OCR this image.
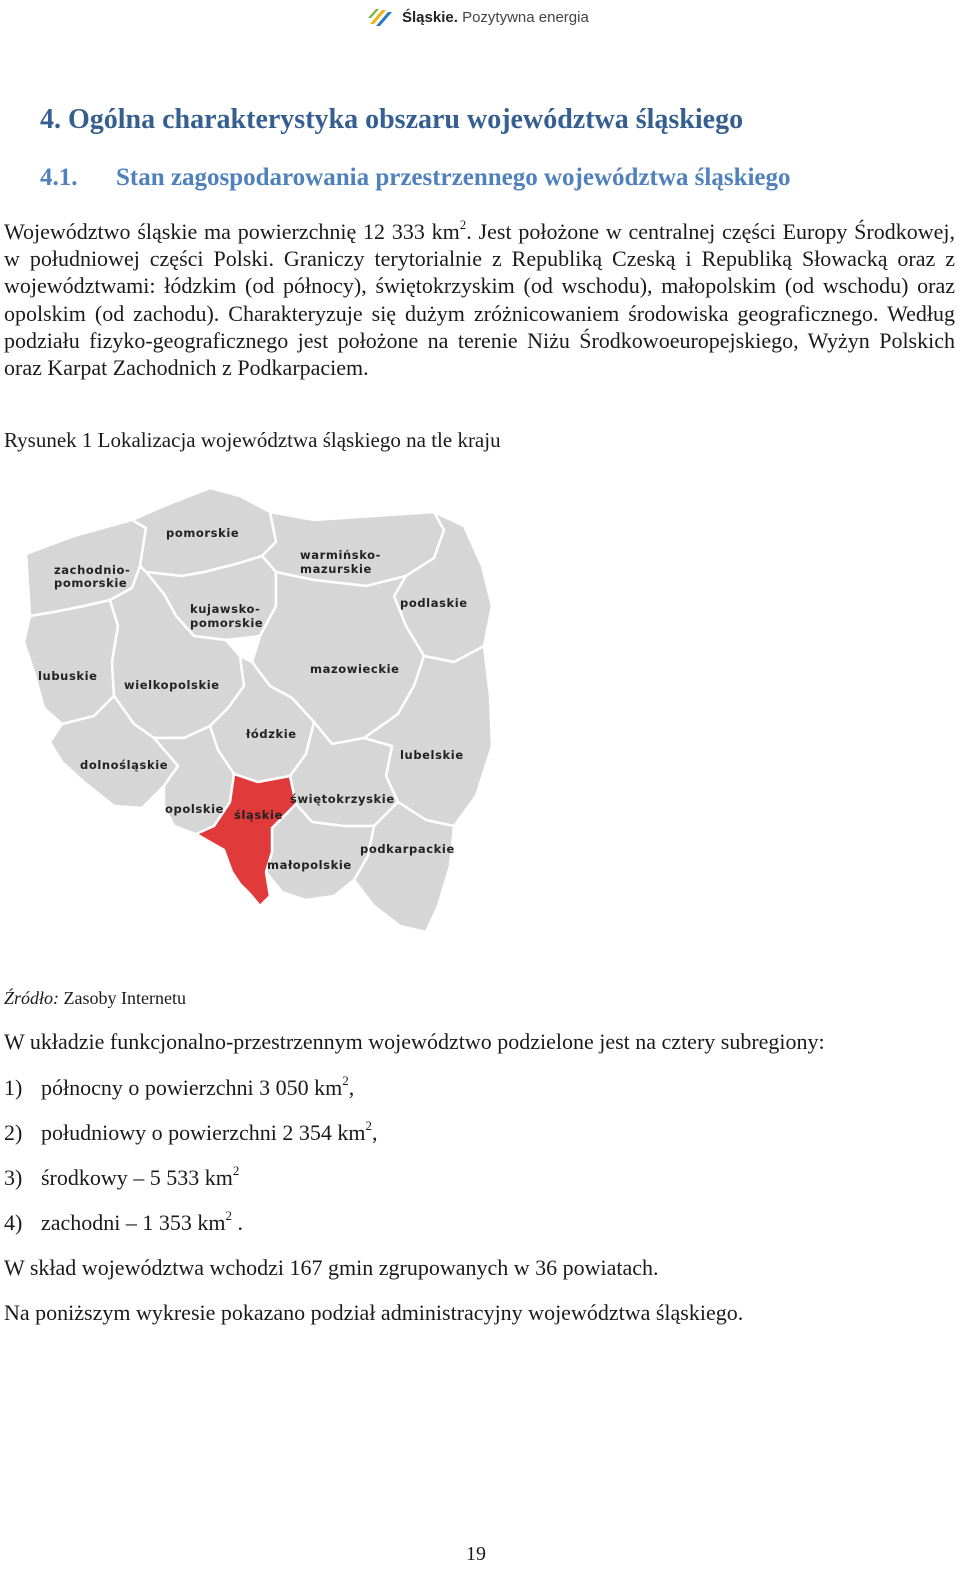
Śląskie. Pozytywna energia
4. Ogólna charakterystyka obszaru województwa śląskiego
4.1. Stan zagospodarowania przestrzennego województwa śląskiego

Województwo śląskie ma powierzchnię 12 333 $km^2$. Jest położone w centralnej części Europy Środkowej, w południowej części Polski. Graniczy terytorialnie z Republiką Czeską i Republiką Słowacką oraz z województwami: łódzkim (od północy), świętokrzyskim (od wschodu), małopolskim (od wschodu) oraz opolskim (od zachodu). Charakteryzuje się dużym zróżnicowaniem środowiska geograficznego. Według podziału fizyko-geograficznego jest położone na terenie Niżu Środkowoeuropejskiego, Wyżyn Polskich oraz Karpat Zachodnich z Podkarpaciem.

Rysunek 1 Lokalizacja województwa śląskiego na tle kraju

pomorskie
zachodnio-
pomorskie
warmińsko-
mazurskie
kujawsko-
pomorskie
podlaskie
lubuskie
wielkopolskie
mazowieckie
łódzkie
lubelskie
dolnośląskie
świętokrzyskie
opolskie śląskie
podkarpackie
małopolskie

Źródło: Zasoby Internetu

W układzie funkcjonalno-przestrzennym województwo podzielone jest na cztery subregiony:

1) północny o powierzchni 3 050 $km^2$,
2) południowy o powierzchni 2 354 $km^2$,
3) środkowy – 5 533 $km^2$
4) zachodni – 1 353 $km^2$ .

W skład województwa wchodzi 167 gmin zgrupowanych w 36 powiatach.

Na poniższym wykresie pokazano podział administracyjny województwa śląskiego.

19
